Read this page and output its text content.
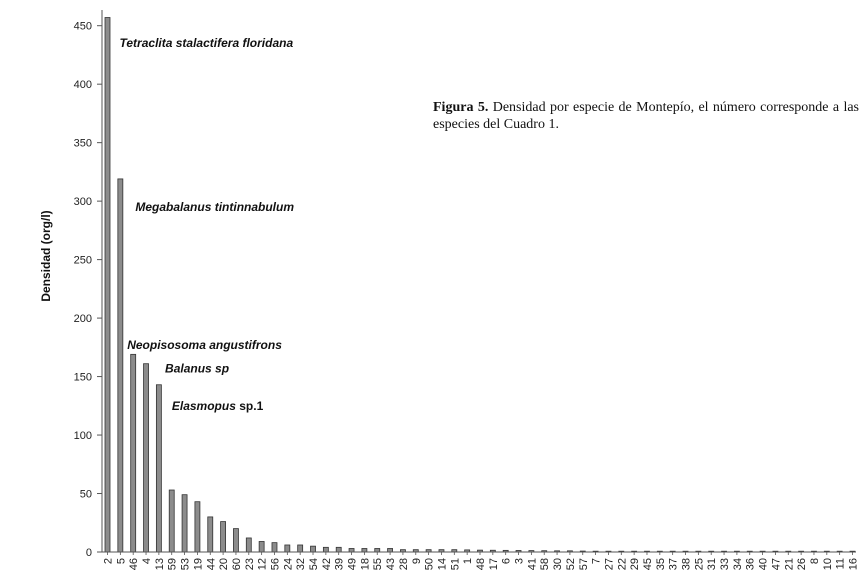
0
50
100
150
200
250
300
350
400
450
2 5 46 4 13 59 53 19 44 20 60 23 12 56 24 32 54 42 39 49 18 55 43 28 9 50 14 51 1 48 17 6 3 41 58 30 52 57 7 27 22 29 45 35 37 38 25 31 33 34 36 40 47 21 26 8 10 11 16
Densidad (org/l)
Tetraclita stalactifera floridana
Megabalanus tintinnabulum
Neopisosoma angustifrons
Balanus sp
Elasmopus sp.1
Figura 5. Densidad por especie de Montepío, el número corresponde a las especies del Cuadro 1.
